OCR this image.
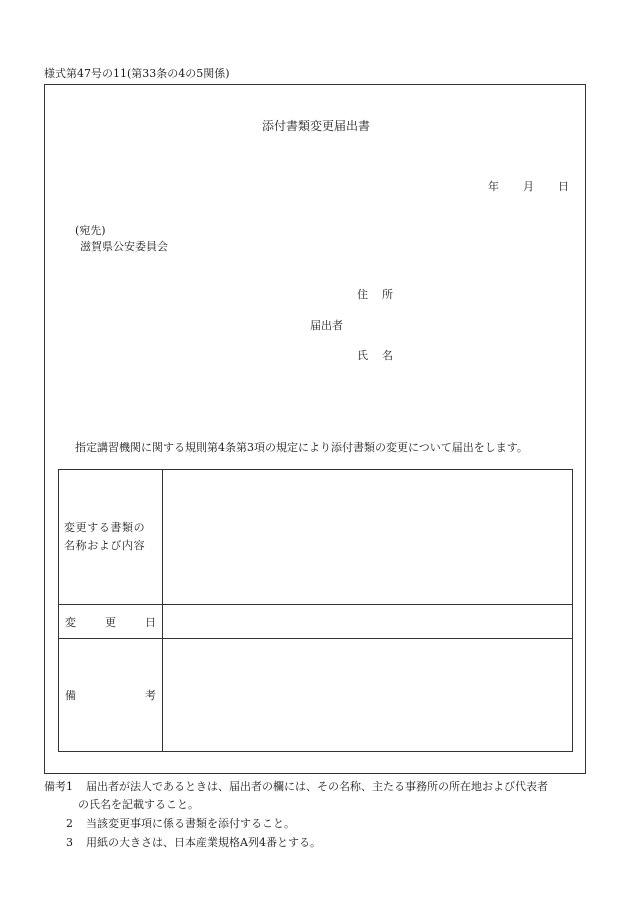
様式第47号の11(第33条の4の5関係)
添付書類変更届出書
年 月 日
(宛先)
滋賀県公安委員会
住 所
届出者
氏 名
指定講習機関に関する規則第4条第3項の規定により添付書類の変更について届出をします。
変更する書類の
名称および内容	

変 更 日	

備 考	

備考1 届出者が法人であるときは、届出者の欄には、その名称、主たる事務所の所在地および代表者
の氏名を記載すること。
2 当該変更事項に係る書類を添付すること。
3 用紙の大きさは、日本産業規格A列4番とする。
